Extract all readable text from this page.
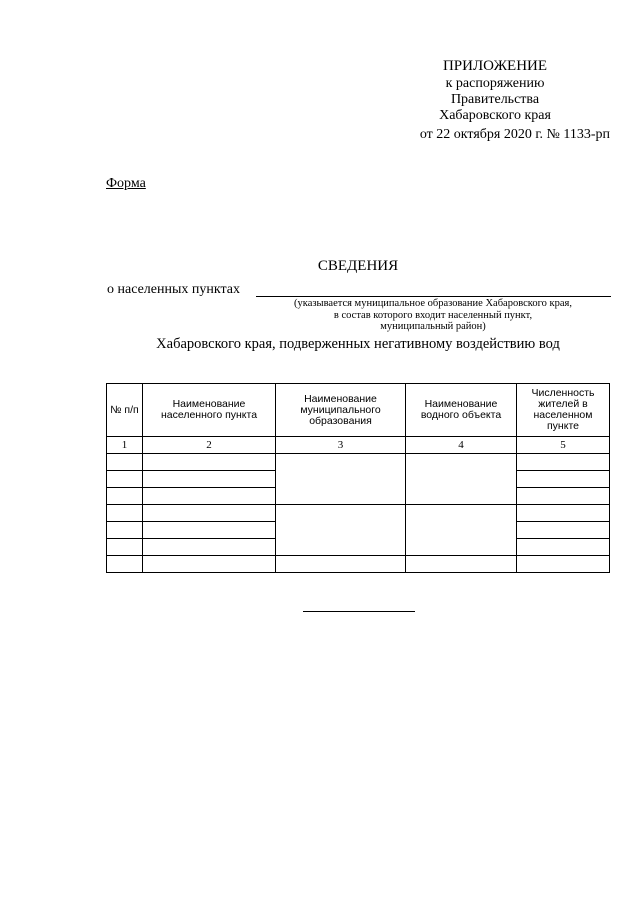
ПРИЛОЖЕНИЕ
к распоряжению
Правительства
Хабаровского края
от 22 октября 2020 г. № 1133-рп
Форма
СВЕДЕНИЯ
о населенных пунктах
(указывается муниципальное образование Хабаровского края,
в состав которого входит населенный пункт,
муниципальный район)
Хабаровского края, подверженных негативному воздействию вод
№ п/п	Наименование населенного пункта	Наименование муниципального образования	Наименование водного объекта	Численность жителей в населенном пункте
1	2	3	4	5
